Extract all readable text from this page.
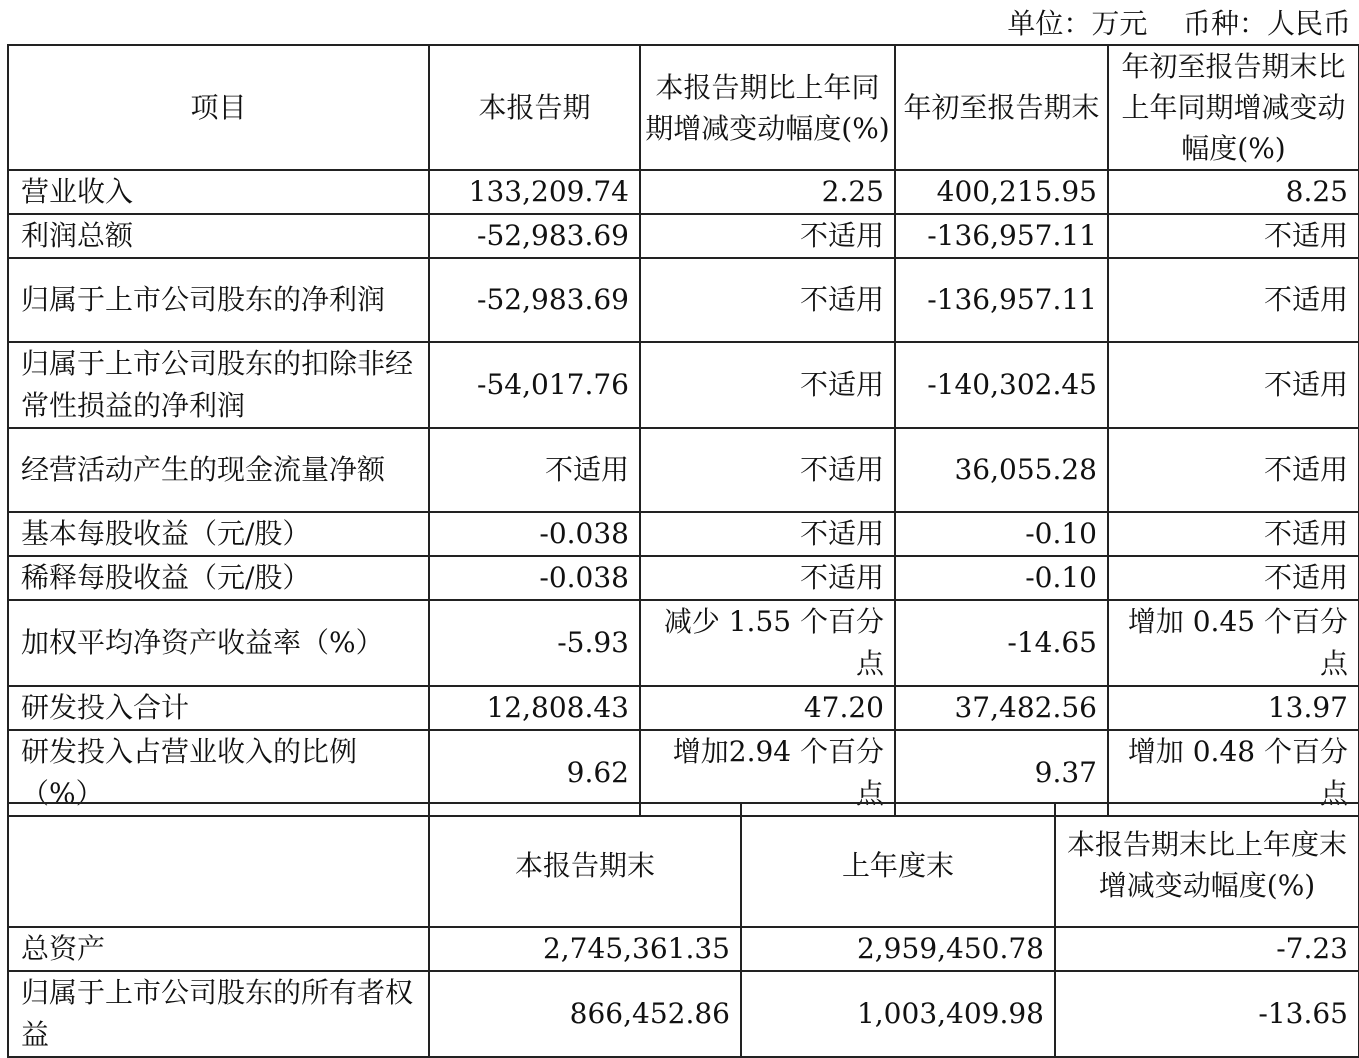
单位：万元    币种：人民币
项目	本报告期	本报告期比上年同期增减变动幅度(%)	年初至报告期末	年初至报告期末比上年同期增减变动幅度(%)
营业收入	133,209.74	2.25	400,215.95	8.25
利润总额	-52,983.69	不适用	-136,957.11	不适用
归属于上市公司股东的净利润	-52,983.69	不适用	-136,957.11	不适用
归属于上市公司股东的扣除非经常性损益的净利润	-54,017.76	不适用	-140,302.45	不适用
经营活动产生的现金流量净额	不适用	不适用	36,055.28	不适用
基本每股收益（元/股）	-0.038	不适用	-0.10	不适用
稀释每股收益（元/股）	-0.038	不适用	-0.10	不适用
加权平均净资产收益率（%）	-5.93	减少 1.55 个百分点	-14.65	增加 0.45 个百分点
研发投入合计	12,808.43	47.20	37,482.56	13.97
研发投入占营业收入的比例（%）	9.62	增加2.94 个百分点	9.37	增加 0.48 个百分点
	本报告期末	上年度末	本报告期末比上年度末增减变动幅度(%)
总资产	2,745,361.35	2,959,450.78	-7.23
归属于上市公司股东的所有者权益	866,452.86	1,003,409.98	-13.65
